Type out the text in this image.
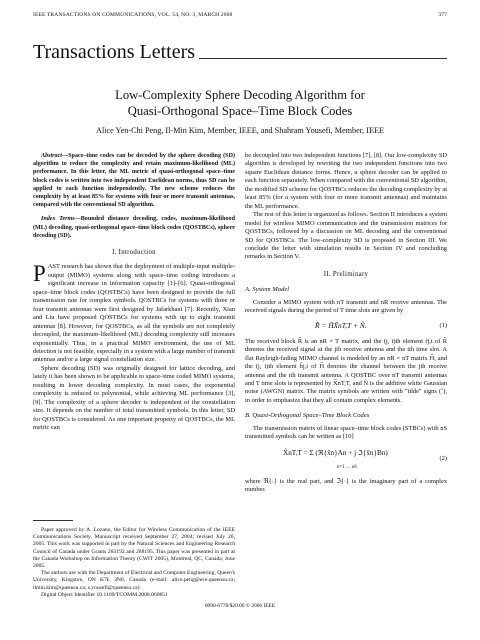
IEEE TRANSACTIONS ON COMMUNICATIONS, VOL. 54, NO. 3, MARCH 2008	377
Transactions Letters
Low-Complexity Sphere Decoding Algorithm for
Quasi-Orthogonal Space–Time Block Codes
Alice Yen-Chi Peng, Il-Min Kim, Member, IEEE, and Shahram Yousefi, Member, IEEE

Abstract—Space–time codes can be decoded by the sphere decoding (SD) algorithm to reduce the complexity and retain maximum-likelihood (ML) performance. In this letter, the ML metric of quasi-orthogonal space–time block codes is written into two independent Euclidean norms, thus SD can be applied to each function independently. The new scheme reduces the complexity by at least 85% for systems with four or more transmit antennas, compared with the conventional SD algorithm.

Index Terms—Bounded distance decoding, codes, maximum-likelihood (ML) decoding, quasi-orthogonal space–time block codes (QOSTBCs), sphere decoding (SD).

I. Introduction

PAST research has shown that the deployment of multiple-input multiple-output (MIMO) systems along with space–time coding introduces a significant increase in information capacity [1]–[6]. Quasi-orthogonal space–time block codes (QOSTBCs) have been designed to provide the full transmission rate for complex symbols. QOSTBCs for systems with three or four transmit antennas were first designed by Jafarkhani [7]. Recently, Xian and Liu have proposed QOSTBCs for systems with up to eight transmit antennas [8]. However, for QOSTBCs, as all the symbols are not completely decoupled, the maximum-likelihood (ML) decoding complexity still increases exponentially. Thus, in a practical MIMO environment, the use of ML detection is not feasible, especially in a system with a large number of transmit antennas and/or a large signal constellation size.

Sphere decoding (SD) was originally designed for lattice decoding, and lately it has been shown to be applicable to space–time coded MIMO systems, resulting in lower decoding complexity. In most cases, the exponential complexity is reduced to polynomial, while achieving ML performance [3], [9]. The complexity of a sphere decoder is independent of the constellation size. It depends on the number of total transmitted symbols. In this letter, SD for QOSTBCs is considered. As one important property of QOSTBCs, the ML metric can

Paper approved by A. Lozano, the Editor for Wireless Communication of the IEEE Communications Society. Manuscript received September 27, 2004; revised July 20, 2005. This work was supported in part by the Natural Sciences and Engineering Research Council of Canada under Grants 283192 and 288195. This paper was presented in part at the Canada Workshop on Information Theory (CWIT 2005), Montreal, QC, Canada, June 2005.

The authors are with the Department of Electrical and Computer Engineering, Queen's University, Kingston, ON K7L 3N6, Canada (e-mail: alice.peng@ece.queensu.ca; ilmin.kim@queensu.ca; s.yousefi@queensu.ca).

Digital Object Identifier 10.1109/TCOMM.2008.060851

be decoupled into two independent functions [7], [8]. Our low-complexity SD algorithm is developed by rewriting the two independent functions into two square Euclidean distance forms. Hence, a sphere decoder can be applied to each function separately. When compared with the conventional SD algorithm, the modified SD scheme for QOSTBCs reduces the decoding complexity by at least 85% (for a system with four or more transmit antennas) and maintains the ML performance.

The rest of this letter is organized as follows. Section II introduces a system model for wireless MIMO communication and the transmission matrices for QOSTBCs, followed by a discussion on ML decoding and the conventional SD for QOSTBCs. The low-complexity SD is proposed in Section III. We conclude the letter with simulation results in Section IV and concluding remarks in Section V.

II. Preliminary
A. System Model

Consider a MIMO system with nT transmit and nR receive antennas. The received signals during the period of T time slots are given by

R̃ = H̃X̃nT,T + Ñ.	(1)

The received block R̃ is an nR × T matrix, and the (j, t)th element r̃j,t of R̃ denotes the received signal at the jth receive antenna and the tth time slot. A flat Rayleigh-fading MIMO channel is modeled by an nR × nT matrix H̃, and the (j, i)th element h̃j,i of H̃ denotes the channel between the jth receive antenna and the ith transmit antenna. A QOSTBC over nT transmit antennas and T time slots is represented by X̃nT,T, and Ñ is the additive white Gaussian noise (AWGN) matrix. The matrix symbols are written with "tilde" signs (˜), in order to emphasize that they all contain complex elements.

B. Quasi-Orthogonal Space–Time Block Codes

The transmission matrix of linear space–time block codes (STBCs) with nS transmitted symbols can be written as [10]

X̃nT,T = Σ (ℜ{x̃n}An + j ℑ{x̃n}Bn)
n=1 … nS
(2)

where ℜ{·} is the real part, and ℑ{·} is the imaginary part of a complex number.

0090-6778/$20.00 © 2006 IEEE
